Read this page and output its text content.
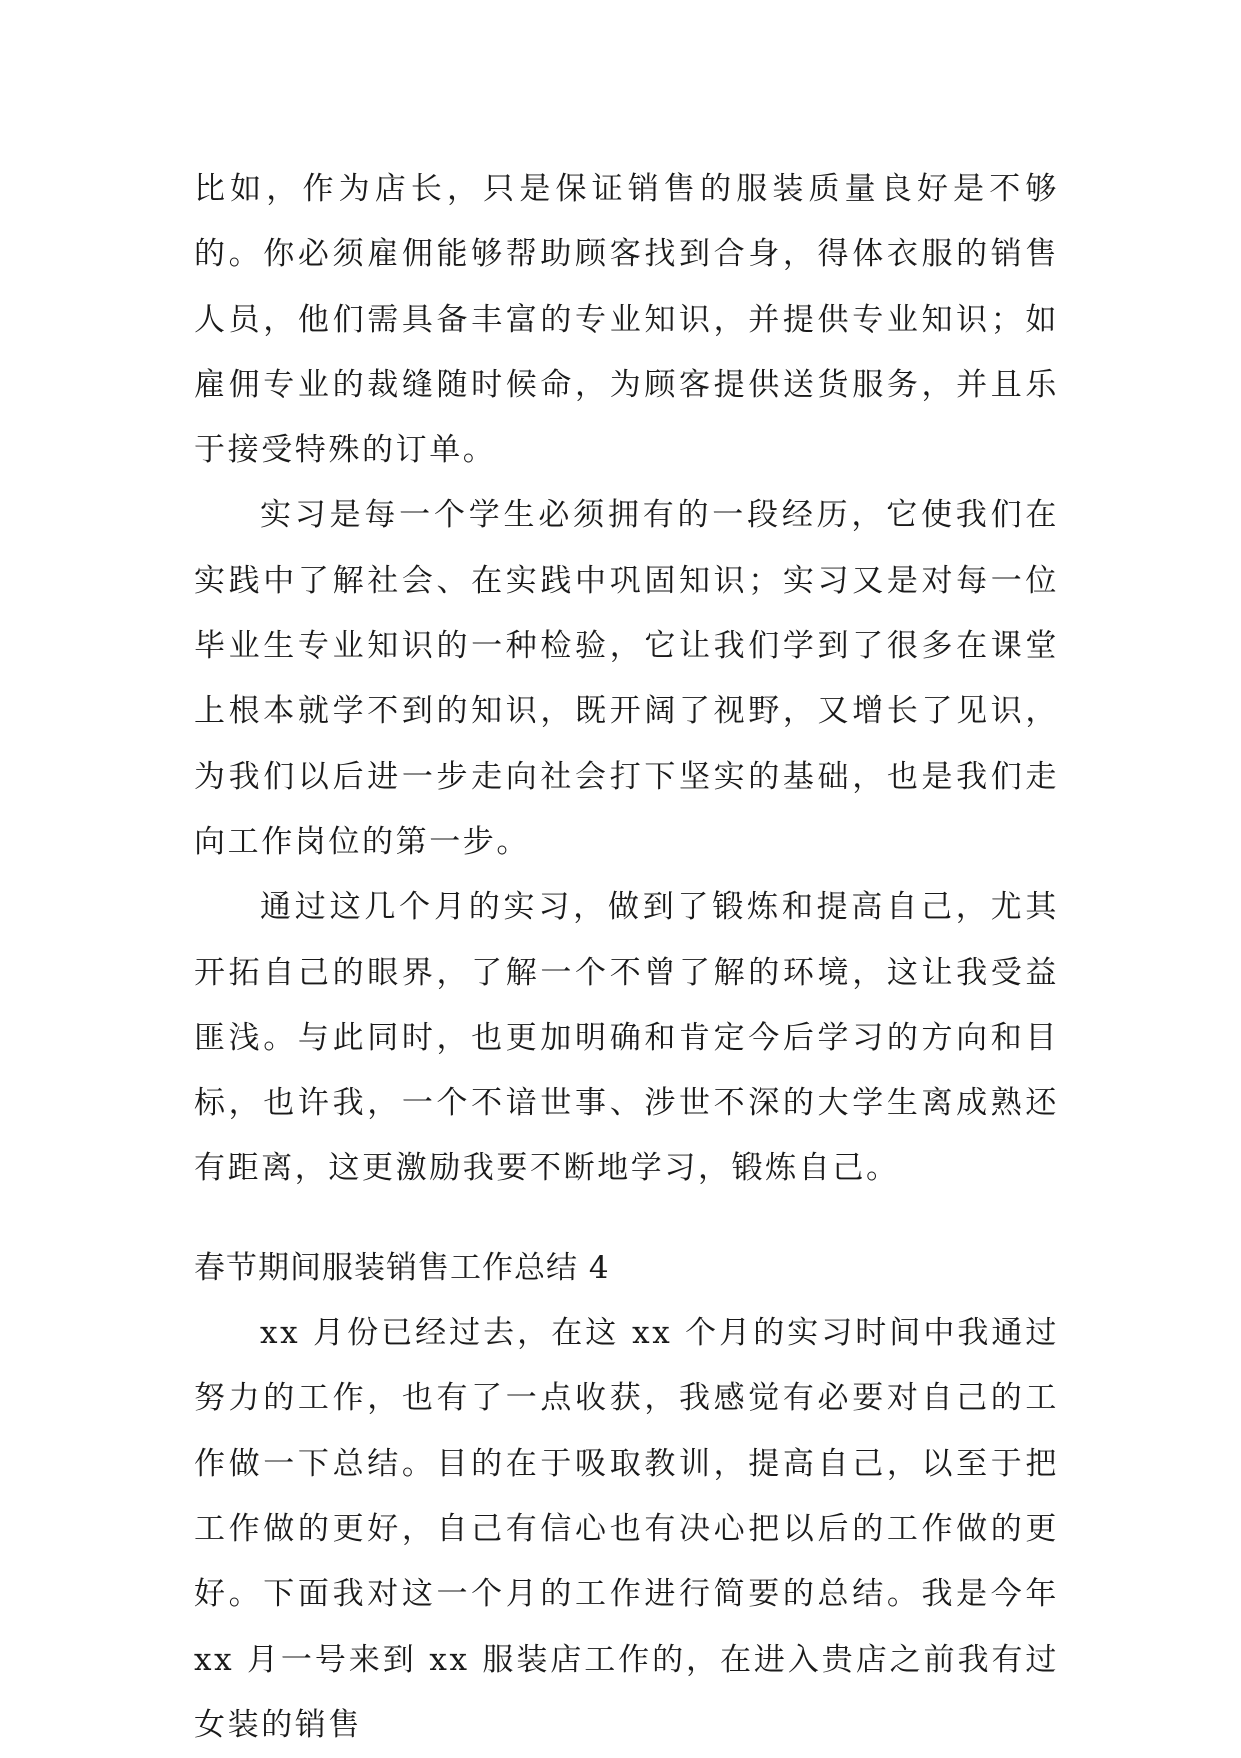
比如，作为店长，只是保证销售的服装质量良好是不够的。你必须雇佣能够帮助顾客找到合身，得体衣服的销售人员，他们需具备丰富的专业知识，并提供专业知识；如雇佣专业的裁缝随时候命，为顾客提供送货服务，并且乐于接受特殊的订单。

实习是每一个学生必须拥有的一段经历，它使我们在实践中了解社会、在实践中巩固知识；实习又是对每一位毕业生专业知识的一种检验，它让我们学到了很多在课堂上根本就学不到的知识，既开阔了视野，又增长了见识，为我们以后进一步走向社会打下坚实的基础，也是我们走向工作岗位的第一步。

通过这几个月的实习，做到了锻炼和提高自己，尤其开拓自己的眼界，了解一个不曾了解的环境，这让我受益匪浅。与此同时，也更加明确和肯定今后学习的方向和目标，也许我，一个不谙世事、涉世不深的大学生离成熟还有距离，这更激励我要不断地学习，锻炼自己。

春节期间服装销售工作总结 4

xx 月份已经过去，在这 xx 个月的实习时间中我通过努力的工作，也有了一点收获，我感觉有必要对自己的工作做一下总结。目的在于吸取教训，提高自己，以至于把工作做的更好，自己有信心也有决心把以后的工作做的更好。下面我对这一个月的工作进行简要的总结。我是今年 xx 月一号来到 xx 服装店工作的，在进入贵店之前我有过女装的销售
